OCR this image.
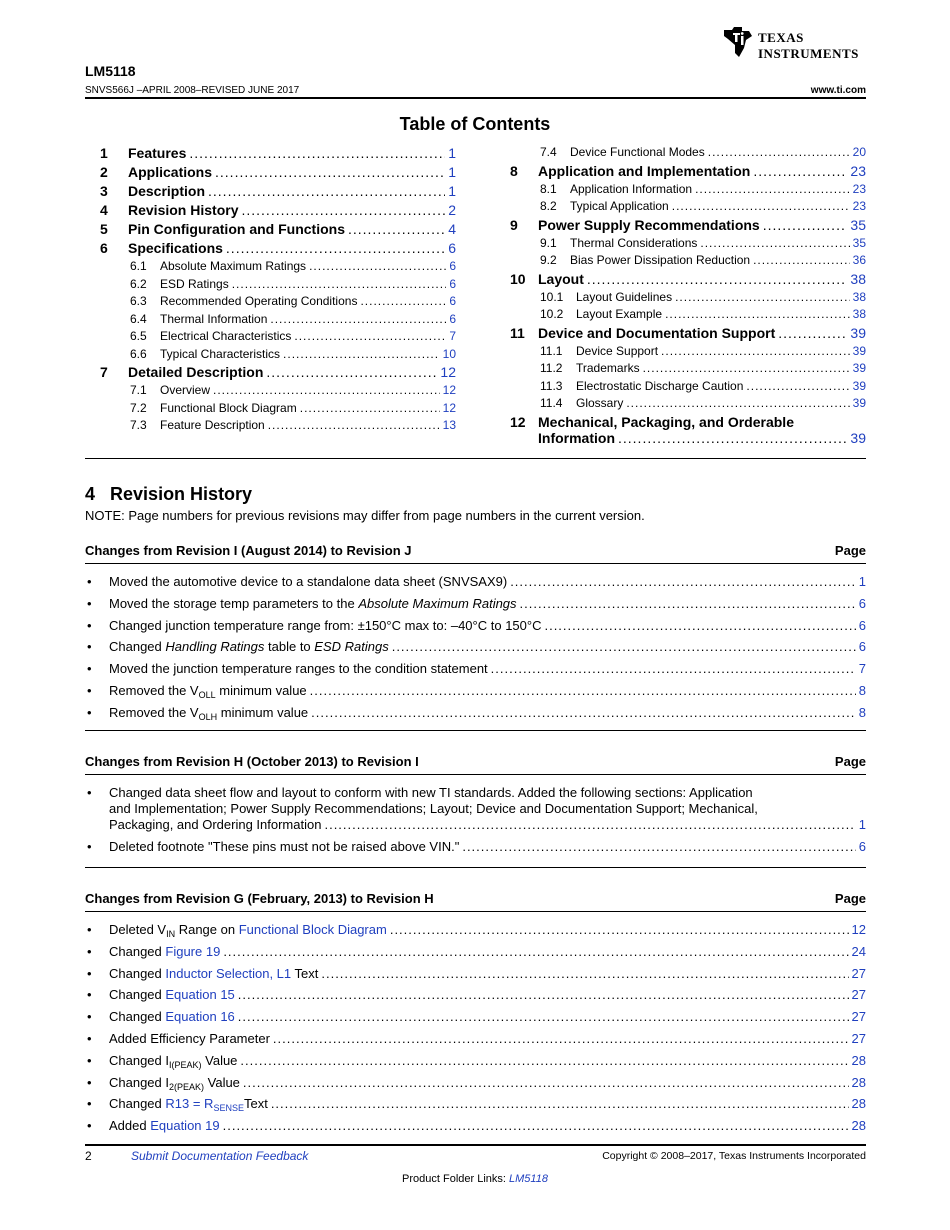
TEXAS
INSTRUMENTS
LM5118
SNVS566J –APRIL 2008–REVISED JUNE 2017	www.ti.com
Table of Contents
1	Features .....	1
2	Applications .....	1
3	Description .....	1
4	Revision History .....	2
5	Pin Configuration and Functions .....	4
6	Specifications .....	6
6.1	Absolute Maximum Ratings .....	6
6.2	ESD Ratings .....	6
6.3	Recommended Operating Conditions .....	6
6.4	Thermal Information .....	6
6.5	Electrical Characteristics .....	7
6.6	Typical Characteristics .....	10
7	Detailed Description .....	12
7.1	Overview .....	12
7.2	Functional Block Diagram .....	12
7.3	Feature Description .....	13
7.4	Device Functional Modes .....	20
8	Application and Implementation .....	23
8.1	Application Information .....	23
8.2	Typical Application .....	23
9	Power Supply Recommendations .....	35
9.1	Thermal Considerations .....	35
9.2	Bias Power Dissipation Reduction .....	36
10 Layout .....	38
10.1	Layout Guidelines .....	38
10.2	Layout Example .....	38
11 Device and Documentation Support .....	39
11.1	Device Support .....	39
11.2	Trademarks .....	39
11.3	Electrostatic Discharge Caution .....	39
11.4	Glossary .....	39
12 Mechanical, Packaging, and Orderable
Information .....	39
4 Revision History
NOTE: Page numbers for previous revisions may differ from page numbers in the current version.
Changes from Revision I (August 2014) to Revision J	Page
•	Moved the automotive device to a standalone data sheet (SNVSAX9) .....	1
•	Moved the storage temp parameters to the Absolute Maximum Ratings .....	6
•	Changed junction temperature range from: ±150°C max to: –40°C to 150°C .....	6
•	Changed Handling Ratings table to ESD Ratings .....	6
•	Moved the junction temperature ranges to the condition statement .....	7
•	Removed the $V_{OLL}$ minimum value .....	8
•	Removed the $V_{OLH}$ minimum value .....	8
Changes from Revision H (October 2013) to Revision I	Page
•	Changed data sheet flow and layout to conform with new TI standards. Added the following sections: Application
and Implementation; Power Supply Recommendations; Layout; Device and Documentation Support; Mechanical,
Packaging, and Ordering Information .....	1
•	Deleted footnote "These pins must not be raised above VIN." .....	6
Changes from Revision G (February, 2013) to Revision H	Page
•	Deleted $V_{IN}$ Range on Functional Block Diagram .....	12
•	Changed Figure 19 .....	24
•	Changed Inductor Selection, L1 Text .....	27
•	Changed Equation 15 .....	27
•	Changed Equation 16 .....	27
•	Added Efficiency Parameter .....	27
•	Changed $I_{I(PEAK)}$ Value .....	28
•	Changed $I_{2(PEAK)}$ Value .....	28
•	Changed $R13 = R_{SENSE}Text$ .....	28
•	Added Equation 19 .....	28
2	Submit Documentation Feedback	Copyright © 2008–2017, Texas Instruments Incorporated
Product Folder Links: LM5118
